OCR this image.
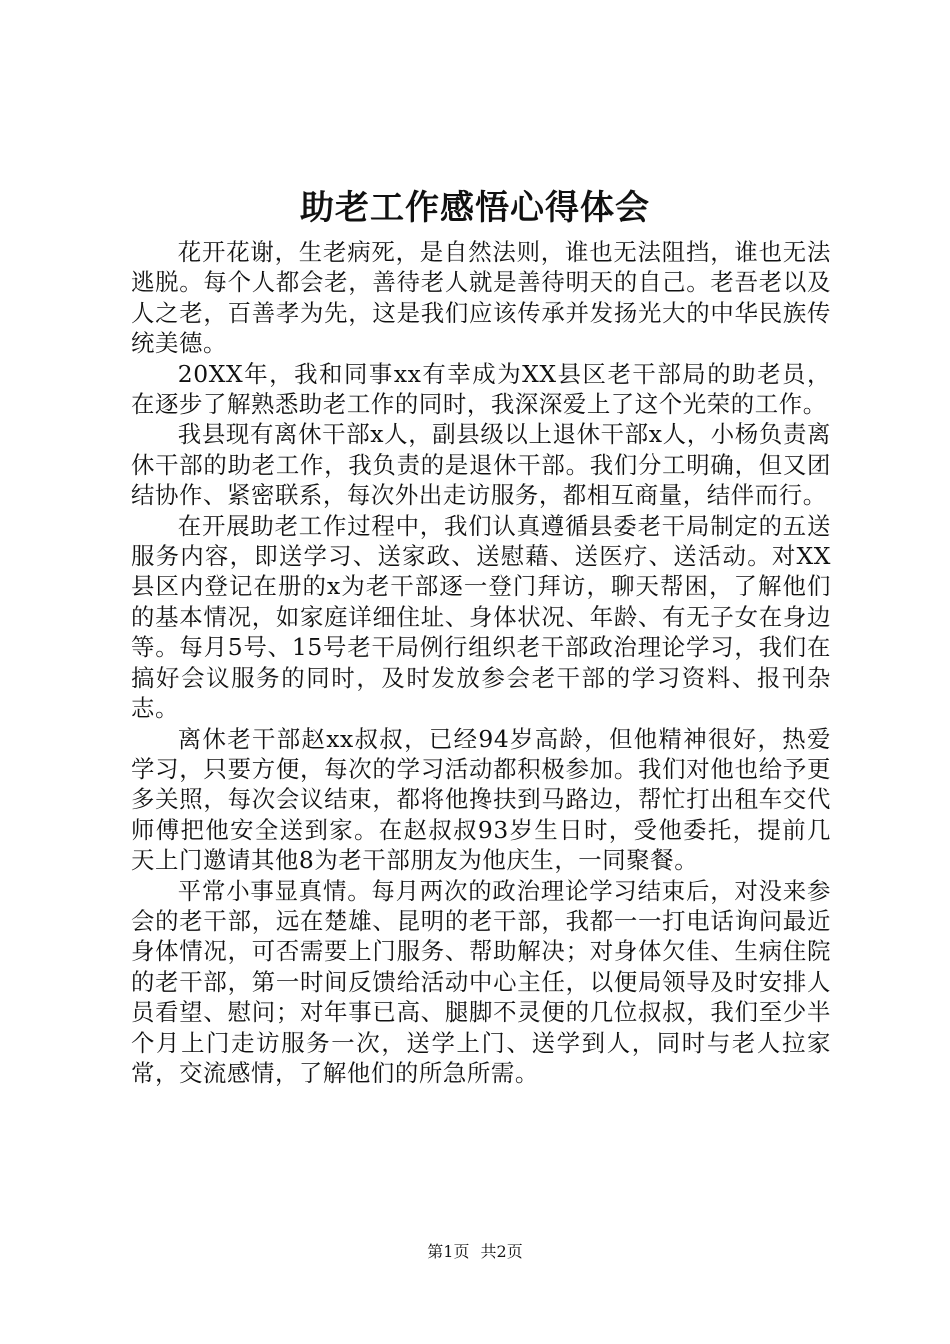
助老工作感悟心得体会

花开花谢，生老病死，是自然法则，谁也无法阻挡，谁也无法逃脱。每个人都会老，善待老人就是善待明天的自己。老吾老以及人之老，百善孝为先，这是我们应该传承并发扬光大的中华民族传统美德。

20XX年，我和同事xx有幸成为XX县区老干部局的助老员，在逐步了解熟悉助老工作的同时，我深深爱上了这个光荣的工作。

我县现有离休干部x人，副县级以上退休干部x人，小杨负责离休干部的助老工作，我负责的是退休干部。我们分工明确，但又团结协作、紧密联系，每次外出走访服务，都相互商量，结伴而行。

在开展助老工作过程中，我们认真遵循县委老干局制定的五送服务内容，即送学习、送家政、送慰藉、送医疗、送活动。对XX县区内登记在册的x为老干部逐一登门拜访，聊天帮困，了解他们的基本情况，如家庭详细住址、身体状况、年龄、有无子女在身边等。每月5号、15号老干局例行组织老干部政治理论学习，我们在搞好会议服务的同时，及时发放参会老干部的学习资料、报刊杂志。

离休老干部赵xx叔叔，已经94岁高龄，但他精神很好，热爱学习，只要方便，每次的学习活动都积极参加。我们对他也给予更多关照，每次会议结束，都将他搀扶到马路边，帮忙打出租车交代师傅把他安全送到家。在赵叔叔93岁生日时，受他委托，提前几天上门邀请其他8为老干部朋友为他庆生，一同聚餐。

平常小事显真情。每月两次的政治理论学习结束后，对没来参会的老干部，远在楚雄、昆明的老干部，我都一一打电话询问最近身体情况，可否需要上门服务、帮助解决；对身体欠佳、生病住院的老干部，第一时间反馈给活动中心主任，以便局领导及时安排人员看望、慰问；对年事已高、腿脚不灵便的几位叔叔，我们至少半个月上门走访服务一次，送学上门、送学到人，同时与老人拉家常，交流感情，了解他们的所急所需。

第1页 共2页
